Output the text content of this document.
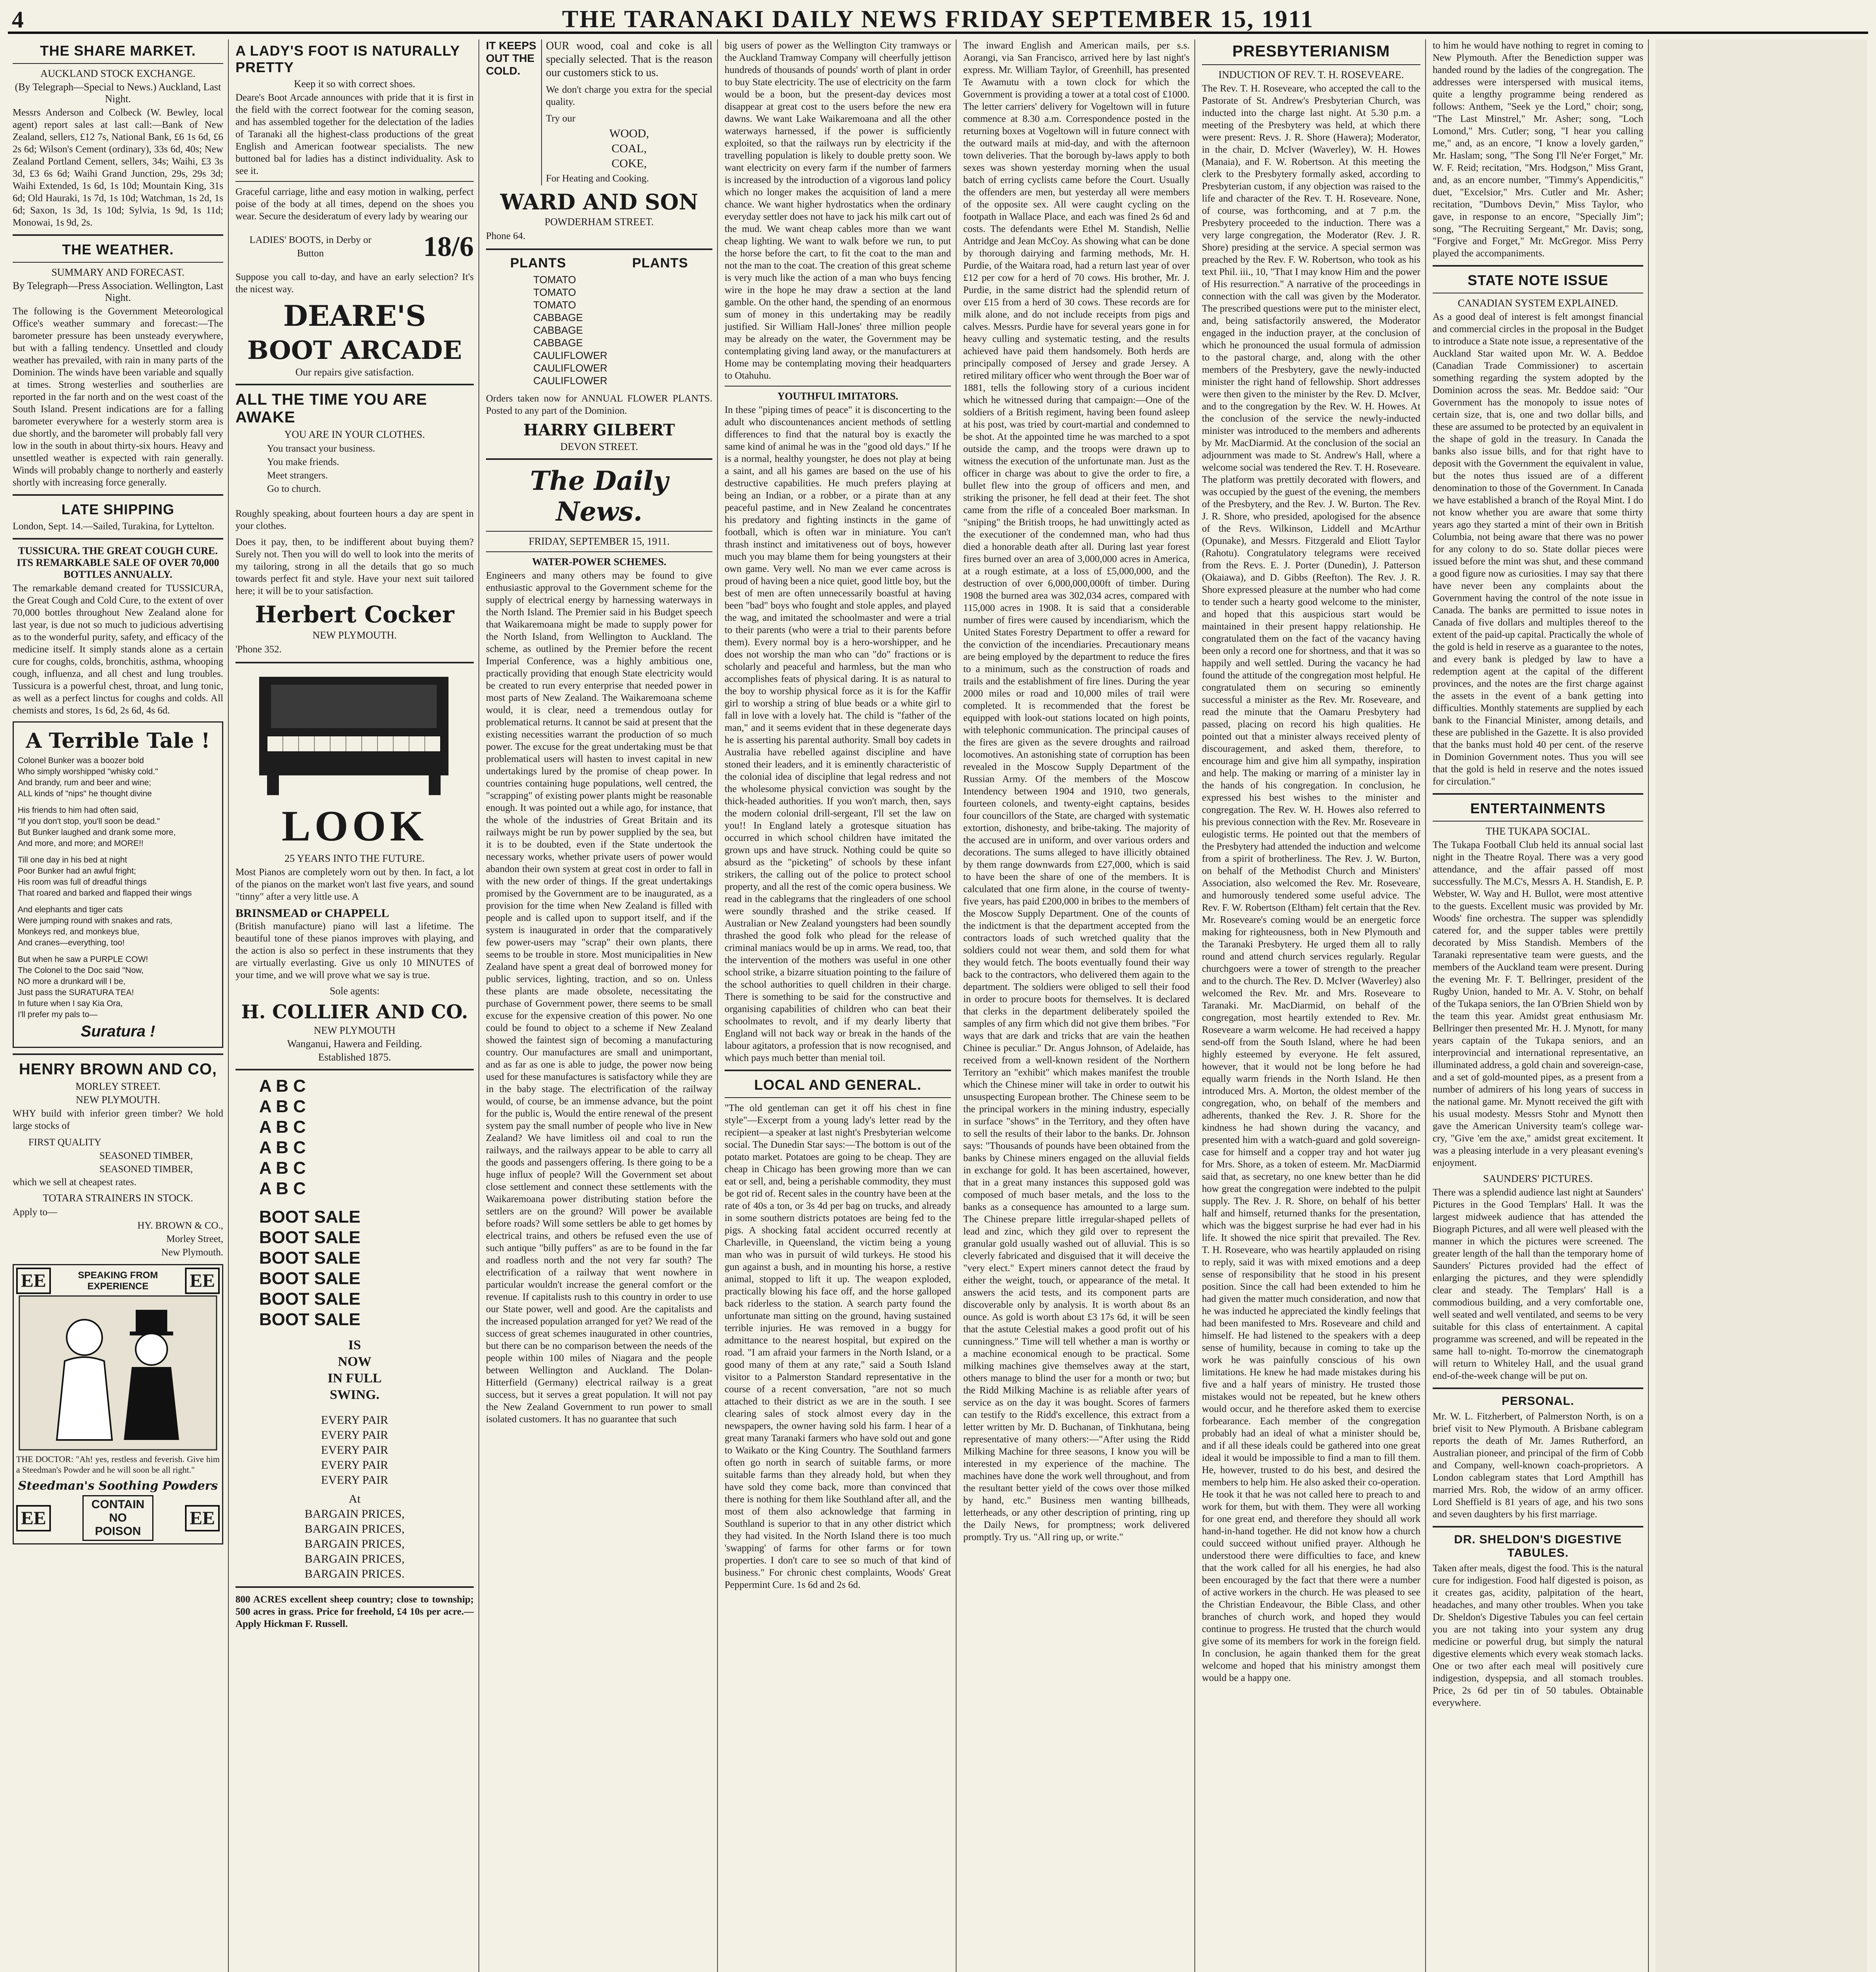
4	THE TARANAKI DAILY NEWS FRIDAY SEPTEMBER 15, 1911
THE SHARE MARKET.
AUCKLAND STOCK EXCHANGE.
(By Telegraph—Special to News.) Auckland, Last Night.

Messrs Anderson and Colbeck (W. Bewley, local agent) report sales at last call:—Bank of New Zealand, sellers, £12 7s, National Bank, £6 1s 6d, £6 2s 6d; Wilson's Cement (ordinary), 33s 6d, 40s; New Zealand Portland Cement, sellers, 34s; Waihi, £3 3s 3d, £3 6s 6d; Waihi Grand Junction, 29s, 29s 3d; Waihi Extended, 1s 6d, 1s 10d; Mountain King, 31s 6d; Old Hauraki, 1s 7d, 1s 10d; Watchman, 1s 2d, 1s 6d; Saxon, 1s 3d, 1s 10d; Sylvia, 1s 9d, 1s 11d; Monowai, 1s 9d, 2s.

THE WEATHER.
SUMMARY AND FORECAST.
By Telegraph—Press Association. Wellington, Last Night.

The following is the Government Meteorological Office's weather summary and forecast:—The barometer pressure has been unsteady everywhere, but with a falling tendency. Unsettled and cloudy weather has prevailed, with rain in many parts of the Dominion. The winds have been variable and squally at times. Strong westerlies and southerlies are reported in the far north and on the west coast of the South Island. Present indications are for a falling barometer everywhere for a westerly storm area is due shortly, and the barometer will probably fall very low in the south in about thirty-six hours. Heavy and unsettled weather is expected with rain generally. Winds will probably change to northerly and easterly shortly with increasing force generally.

LATE SHIPPING

London, Sept. 14.—Sailed, Turakina, for Lyttelton.

TUSSICURA. THE GREAT COUGH CURE. ITS REMARKABLE SALE OF OVER 70,000 BOTTLES ANNUALLY.

The remarkable demand created for TUSSICURA, the Great Cough and Cold Cure, to the extent of over 70,000 bottles throughout New Zealand alone for last year, is due not so much to judicious advertising as to the wonderful purity, safety, and efficacy of the medicine itself. It simply stands alone as a certain cure for coughs, colds, bronchitis, asthma, whooping cough, influenza, and all chest and lung troubles. Tussicura is a powerful chest, throat, and lung tonic, as well as a perfect linctus for coughs and colds. All chemists and stores, 1s 6d, 2s 6d, 4s 6d.

A Terrible Tale !
Colonel Bunker was a boozer bold
Who simply worshipped "whisky cold."
And brandy, rum and beer and wine;
ALL kinds of "nips" he thought divine
His friends to him had often said,
"If you don't stop, you'll soon be dead."
But Bunker laughed and drank some more,
And more, and more; and MORE!!
Till one day in his bed at night
Poor Bunker had an awful fright;
His room was full of dreadful things
That roared and barked and flapped their wings
And elephants and tiger cats
Were jumping round with snakes and rats,
Monkeys red, and monkeys blue,
And cranes—everything, too!
But when he saw a PURPLE COW!
The Colonel to the Doc said "Now,
NO more a drunkard will I be,
Just pass the SURATURA TEA!
In future when I say Kia Ora,
I'll prefer my pals to—
Suratura !
HENRY BROWN AND CO,
MORLEY STREET.
NEW PLYMOUTH.

WHY build with inferior green timber? We hold large stocks of

FIRST QUALITY
SEASONED TIMBER,
SEASONED TIMBER,

which we sell at cheapest rates.

TOTARA STRAINERS IN STOCK.
Apply to—
HY. BROWN & CO.,
Morley Street,
New Plymouth.
EE	SPEAKING FROM EXPERIENCE	EE

THE DOCTOR: "Ah! yes, restless and feverish. Give him a Steedman's Powder and he will soon be all right."

Steedman's Soothing Powders
EE
CONTAIN
NO
POISON
EE
A LADY'S FOOT IS NATURALLY PRETTY
Keep it so with correct shoes.

Deare's Boot Arcade announces with pride that it is first in the field with the correct footwear for the coming season, and has assembled together for the delectation of the ladies of Taranaki all the highest-class productions of the great English and American footwear specialists. The new buttoned bal for ladies has a distinct individuality. Ask to see it.

Graceful carriage, lithe and easy motion in walking, perfect poise of the body at all times, depend on the shoes you wear. Secure the desideratum of every lady by wearing our

LADIES' BOOTS, in Derby or Button	18/6

Suppose you call to-day, and have an early selection? It's the nicest way.

DEARE'S
BOOT ARCADE
Our repairs give satisfaction.
ALL THE TIME YOU ARE AWAKE
YOU ARE IN YOUR CLOTHES.
You transact your business.
You make friends.
Meet strangers.
Go to church.

Roughly speaking, about fourteen hours a day are spent in your clothes.

Does it pay, then, to be indifferent about buying them? Surely not. Then you will do well to look into the merits of my tailoring, strong in all the details that go so much towards perfect fit and style. Have your next suit tailored here; it will be to your satisfaction.

Herbert Cocker
NEW PLYMOUTH.
'Phone 352.
LOOK
25 YEARS INTO THE FUTURE.

Most Pianos are completely worn out by then. In fact, a lot of the pianos on the market won't last five years, and sound "tinny" after a very little use. A

BRINSMEAD or CHAPPELL

(British manufacture) piano will last a lifetime. The beautiful tone of these pianos improves with playing, and the action is also so perfect in these instruments that they are virtually everlasting. Give us only 10 MINUTES of your time, and we will prove what we say is true.

Sole agents:
H. COLLIER AND CO.
NEW PLYMOUTH
Wanganui, Hawera and Feilding.
Established 1875.
A B C
A B C
A B C
A B C
A B C
A B C
BOOT SALE
BOOT SALE
BOOT SALE
BOOT SALE
BOOT SALE
BOOT SALE
IS
NOW
IN FULL
SWING.
EVERY PAIR
EVERY PAIR
EVERY PAIR
EVERY PAIR
EVERY PAIR
At
BARGAIN PRICES,
BARGAIN PRICES,
BARGAIN PRICES,
BARGAIN PRICES,
BARGAIN PRICES.

800 ACRES excellent sheep country; close to township; 500 acres in grass. Price for freehold, £4 10s per acre.—Apply Hickman F. Russell.

IT KEEPS OUT THE COLD.

OUR wood, coal and coke is all specially selected. That is the reason our customers stick to us.

We don't charge you extra for the special quality.

Try our
WOOD,
COAL,
COKE,
For Heating and Cooking.
WARD AND SON
POWDERHAM STREET.
Phone 64.
PLANTS                PLANTS
TOMATO
TOMATO
TOMATO
CABBAGE
CABBAGE
CABBAGE
CAULIFLOWER
CAULIFLOWER
CAULIFLOWER

Orders taken now for ANNUAL FLOWER PLANTS. Posted to any part of the Dominion.

HARRY GILBERT
DEVON STREET.
The Daily News.
FRIDAY, SEPTEMBER 15, 1911.
WATER-POWER SCHEMES.

Engineers and many others may be found to give enthusiastic approval to the Government scheme for the supply of electrical energy by harnessing waterways in the North Island. The Premier said in his Budget speech that Waikaremoana might be made to supply power for the North Island, from Wellington to Auckland. The scheme, as outlined by the Premier before the recent Imperial Conference, was a highly ambitious one, practically providing that enough State electricity would be created to run every enterprise that needed power in most parts of New Zealand. The Waikaremoana scheme would, it is clear, need a tremendous outlay for problematical returns. It cannot be said at present that the existing necessities warrant the production of so much power. The excuse for the great undertaking must be that problematical users will hasten to invest capital in new undertakings lured by the promise of cheap power. In countries containing huge populations, well centred, the "scrapping" of existing power plants might be reasonable enough. It was pointed out a while ago, for instance, that the whole of the industries of Great Britain and its railways might be run by power supplied by the sea, but it is to be doubted, even if the State undertook the necessary works, whether private users of power would abandon their own system at great cost in order to fall in with the new order of things. If the great undertakings promised by the Government are to be inaugurated, as a provision for the time when New Zealand is filled with people and is called upon to support itself, and if the system is inaugurated in order that the comparatively few power-users may "scrap" their own plants, there seems to be trouble in store. Most municipalities in New Zealand have spent a great deal of borrowed money for public services, lighting, traction, and so on. Unless these plants are made obsolete, necessitating the purchase of Government power, there seems to be small excuse for the expensive creation of this power. No one could be found to object to a scheme if New Zealand showed the faintest sign of becoming a manufacturing country. Our manufactures are small and unimportant, and as far as one is able to judge, the power now being used for these manufactures is satisfactory while they are in the baby stage. The electrification of the railway would, of course, be an immense advance, but the point for the public is, Would the entire renewal of the present system pay the small number of people who live in New Zealand? We have limitless oil and coal to run the railways, and the railways appear to be able to carry all the goods and passengers offering. Is there going to be a huge influx of people? Will the Government set about close settlement and connect these settlements with the Waikaremoana power distributing station before the settlers are on the ground? Will power be available before roads? Will some settlers be able to get homes by electrical trains, and others be refused even the use of such antique "billy puffers" as are to be found in the far and roadless north and the not very far south? The electrification of a railway that went nowhere in particular wouldn't increase the general comfort or the revenue. If capitalists rush to this country in order to use our State power, well and good. Are the capitalists and the increased population arranged for yet? We read of the success of great schemes inaugurated in other countries, but there can be no comparison between the needs of the people within 100 miles of Niagara and the people between Wellington and Auckland. The Dolan-Hitterfield (Germany) electrical railway is a great success, but it serves a great population. It will not pay the New Zealand Government to run power to small isolated customers. It has no guarantee that such

big users of power as the Wellington City tramways or the Auckland Tramway Company will cheerfully jettison hundreds of thousands of pounds' worth of plant in order to buy State electricity. The use of electricity on the farm would be a boon, but the present-day devices most disappear at great cost to the users before the new era dawns. We want Lake Waikaremoana and all the other waterways harnessed, if the power is sufficiently exploited, so that the railways run by electricity if the travelling population is likely to double pretty soon. We want electricity on every farm if the number of farmers is increased by the introduction of a vigorous land policy which no longer makes the acquisition of land a mere chance. We want higher hydrostatics when the ordinary everyday settler does not have to jack his milk cart out of the mud. We want cheap cables more than we want cheap lighting. We want to walk before we run, to put the horse before the cart, to fit the coat to the man and not the man to the coat. The creation of this great scheme is very much like the action of a man who buys fencing wire in the hope he may draw a section at the land gamble. On the other hand, the spending of an enormous sum of money in this undertaking may be readily justified. Sir William Hall-Jones' three million people may be already on the water, the Government may be contemplating giving land away, or the manufacturers at Home may be contemplating moving their headquarters to Otahuhu.

YOUTHFUL IMITATORS.

In these "piping times of peace" it is disconcerting to the adult who discountenances ancient methods of settling differences to find that the natural boy is exactly the same kind of animal he was in the "good old days." If he is a normal, healthy youngster, he does not play at being a saint, and all his games are based on the use of his destructive capabilities. He much prefers playing at being an Indian, or a robber, or a pirate than at any peaceful pastime, and in New Zealand he concentrates his predatory and fighting instincts in the game of football, which is often war in miniature. You can't thrash instinct and imitativeness out of boys, however much you may blame them for being youngsters at their own game. Very well. No man we ever came across is proud of having been a nice quiet, good little boy, but the best of men are often unnecessarily boastful at having been "bad" boys who fought and stole apples, and played the wag, and imitated the schoolmaster and were a trial to their parents (who were a trial to their parents before them). Every normal boy is a hero-worshipper, and he does not worship the man who can "do" fractions or is scholarly and peaceful and harmless, but the man who accomplishes feats of physical daring. It is as natural to the boy to worship physical force as it is for the Kaffir girl to worship a string of blue beads or a white girl to fall in love with a lovely hat. The child is "father of the man," and it seems evident that in these degenerate days he is asserting his parental authority. Small boy cadets in Australia have rebelled against discipline and have stoned their leaders, and it is eminently characteristic of the colonial idea of discipline that legal redress and not the wholesome physical conviction was sought by the thick-headed authorities. If you won't march, then, says the modern colonial drill-sergeant, I'll set the law on you!! In England lately a grotesque situation has occurred in which school children have imitated the grown ups and have struck. Nothing could be quite so absurd as the "picketing" of schools by these infant strikers, the calling out of the police to protect school property, and all the rest of the comic opera business. We read in the cablegrams that the ringleaders of one school were soundly thrashed and the strike ceased. If Australian or New Zealand youngsters had been soundly thrashed the good folk who plead for the release of criminal maniacs would be up in arms. We read, too, that the intervention of the mothers was useful in one other school strike, a bizarre situation pointing to the failure of the school authorities to quell children in their charge. There is something to be said for the constructive and organising capabilities of children who can beat their schoolmates to revolt, and if my dearly liberty that England will not back way or break in the hands of the labour agitators, a profession that is now recognised, and which pays much better than menial toil.

LOCAL AND GENERAL.

"The old gentleman can get it off his chest in fine style"—Excerpt from a young lady's letter read by the recipient—a speaker at last night's Presbyterian welcome social. The Dunedin Star says:—The bottom is out of the potato market. Potatoes are going to be cheap. They are cheap in Chicago has been growing more than we can eat or sell, and, being a perishable commodity, they must be got rid of. Recent sales in the country have been at the rate of 40s a ton, or 3s 4d per bag on trucks, and already in some southern districts potatoes are being fed to the pigs. A shocking fatal accident occurred recently at Charleville, in Queensland, the victim being a young man who was in pursuit of wild turkeys. He stood his gun against a bush, and in mounting his horse, a restive animal, stopped to lift it up. The weapon exploded, practically blowing his face off, and the horse galloped back riderless to the station. A search party found the unfortunate man sitting on the ground, having sustained terrible injuries. He was removed in a buggy for admittance to the nearest hospital, but expired on the road. "I am afraid your farmers in the North Island, or a good many of them at any rate," said a South Island visitor to a Palmerston Standard representative in the course of a recent conversation, "are not so much attached to their district as we are in the south. I see clearing sales of stock almost every day in the newspapers, the owner having sold his farm. I hear of a great many Taranaki farmers who have sold out and gone to Waikato or the King Country. The Southland farmers often go north in search of suitable farms, or more suitable farms than they already hold, but when they have sold they come back, more than convinced that there is nothing for them like Southland after all, and the most of them also acknowledge that farming in Southland is superior to that in any other district which they had visited. In the North Island there is too much 'swapping' of farms for other farms or for town properties. I don't care to see so much of that kind of business." For chronic chest complaints, Woods' Great Peppermint Cure. 1s 6d and 2s 6d.

The inward English and American mails, per s.s. Aorangi, via San Francisco, arrived here by last night's express. Mr. William Taylor, of Greenhill, has presented Te Awamutu with a town clock for which the Government is providing a tower at a total cost of £1000. The letter carriers' delivery for Vogeltown will in future commence at 8.30 a.m. Correspondence posted in the returning boxes at Vogeltown will in future connect with the outward mails at mid-day, and with the afternoon town deliveries. That the borough by-laws apply to both sexes was shown yesterday morning when the usual batch of erring cyclists came before the Court. Usually the offenders are men, but yesterday all were members of the opposite sex. All were caught cycling on the footpath in Wallace Place, and each was fined 2s 6d and costs. The defendants were Ethel M. Standish, Nellie Antridge and Jean McCoy. As showing what can be done by thorough dairying and farming methods, Mr. H. Purdie, of the Waitara road, had a return last year of over £12 per cow for a herd of 70 cows. His brother, Mr. J. Purdie, in the same district had the splendid return of over £15 from a herd of 30 cows. These records are for milk alone, and do not include receipts from pigs and calves. Messrs. Purdie have for several years gone in for heavy culling and systematic testing, and the results achieved have paid them handsomely. Both herds are principally composed of Jersey and grade Jersey. A retired military officer who went through the Boer war of 1881, tells the following story of a curious incident which he witnessed during that campaign:—One of the soldiers of a British regiment, having been found asleep at his post, was tried by court-martial and condemned to be shot. At the appointed time he was marched to a spot outside the camp, and the troops were drawn up to witness the execution of the unfortunate man. Just as the officer in charge was about to give the order to fire, a bullet flew into the group of officers and men, and striking the prisoner, he fell dead at their feet. The shot came from the rifle of a concealed Boer marksman. In "sniping" the British troops, he had unwittingly acted as the executioner of the condemned man, who had thus died a honorable death after all. During last year forest fires burned over an area of 3,000,000 acres in America, at a rough estimate, at a loss of £5,000,000, and the destruction of over 6,000,000,000ft of timber. During 1908 the burned area was 302,034 acres, compared with 115,000 acres in 1908. It is said that a considerable number of fires were caused by incendiarism, which the United States Forestry Department to offer a reward for the conviction of the incendiaries. Precautionary means are being employed by the department to reduce the fires to a minimum, such as the construction of roads and trails and the establishment of fire lines. During the year 2000 miles or road and 10,000 miles of trail were completed. It is recommended that the forest be equipped with look-out stations located on high points, with telephonic communication. The principal causes of the fires are given as the severe droughts and railroad locomotives. An astonishing state of corruption has been revealed in the Moscow Supply Department of the Russian Army. Of the members of the Moscow Intendency between 1904 and 1910, two generals, fourteen colonels, and twenty-eight captains, besides four councillors of the State, are charged with systematic extortion, dishonesty, and bribe-taking. The majority of the accused are in uniform, and over various orders and decorations. The sums alleged to have illicitly obtained by them range downwards from £27,000, which is said to have been the share of one of the members. It is calculated that one firm alone, in the course of twenty-five years, has paid £200,000 in bribes to the members of the Moscow Supply Department. One of the counts of the indictment is that the department accepted from the contractors loads of such wretched quality that the soldiers could not wear them, and sold them for what they would fetch. The boots eventually found their way back to the contractors, who delivered them again to the department. The soldiers were obliged to sell their food in order to procure boots for themselves. It is declared that clerks in the department deliberately spoiled the samples of any firm which did not give them bribes. "For ways that are dark and tricks that are vain the heathen Chinee is peculiar." Dr. Angus Johnson, of Adelaide, has received from a well-known resident of the Northern Territory an "exhibit" which makes manifest the trouble which the Chinese miner will take in order to outwit his unsuspecting European brother. The Chinese seem to be the principal workers in the mining industry, especially in surface "shows" in the Territory, and they often have to sell the results of their labor to the banks. Dr. Johnson says: "Thousands of pounds have been obtained from the banks by Chinese miners engaged on the alluvial fields in exchange for gold. It has been ascertained, however, that in a great many instances this supposed gold was composed of much baser metals, and the loss to the banks as a consequence has amounted to a large sum. The Chinese prepare little irregular-shaped pellets of lead and zinc, which they gild over to represent the granular gold usually washed out of alluvial. This is so cleverly fabricated and disguised that it will deceive the "very elect." Expert miners cannot detect the fraud by either the weight, touch, or appearance of the metal. It answers the acid tests, and its component parts are discoverable only by analysis. It is worth about 8s an ounce. As gold is worth about £3 17s 6d, it will be seen that the astute Celestial makes a good profit out of his cunningness." Time will tell whether a man is worthy or a machine economical enough to be practical. Some milking machines give themselves away at the start, others manage to blind the user for a month or two; but the Ridd Milking Machine is as reliable after years of service as on the day it was bought. Scores of farmers can testify to the Ridd's excellence, this extract from a letter written by Mr. D. Buchanan, of Tinkhutana, being representative of many others:—"After using the Ridd Milking Machine for three seasons, I know you will be interested in my experience of the machine. The machines have done the work well throughout, and from the resultant better yield of the cows over those milked by hand, etc." Business men wanting billheads, letterheads, or any other description of printing, ring up the Daily News, for promptness; work delivered promptly. Try us. "All ring up, or write."

PRESBYTERIANISM
INDUCTION OF REV. T. H. ROSEVEARE.

The Rev. T. H. Roseveare, who accepted the call to the Pastorate of St. Andrew's Presbyterian Church, was inducted into the charge last night. At 5.30 p.m. a meeting of the Presbytery was held, at which there were present: Revs. J. R. Shore (Hawera); Moderator, in the chair, D. McIver (Waverley), W. H. Howes (Manaia), and F. W. Robertson. At this meeting the clerk to the Presbytery formally asked, according to Presbyterian custom, if any objection was raised to the life and character of the Rev. T. H. Roseveare. None, of course, was forthcoming, and at 7 p.m. the Presbytery proceeded to the induction. There was a very large congregation, the Moderator (Rev. J. R. Shore) presiding at the service. A special sermon was preached by the Rev. F. W. Robertson, who took as his text Phil. iii., 10, "That I may know Him and the power of His resurrection." A narrative of the proceedings in connection with the call was given by the Moderator. The prescribed questions were put to the minister elect, and, being satisfactorily answered, the Moderator engaged in the induction prayer, at the conclusion of which he pronounced the usual formula of admission to the pastoral charge, and, along with the other members of the Presbytery, gave the newly-inducted minister the right hand of fellowship. Short addresses were then given to the minister by the Rev. D. McIver, and to the congregation by the Rev. W. H. Howes. At the conclusion of the service the newly-inducted minister was introduced to the members and adherents by Mr. MacDiarmid. At the conclusion of the social an adjournment was made to St. Andrew's Hall, where a welcome social was tendered the Rev. T. H. Roseveare. The platform was prettily decorated with flowers, and was occupied by the guest of the evening, the members of the Presbytery, and the Rev. J. W. Burton. The Rev. J. R. Shore, who presided, apologised for the absence of the Revs. Wilkinson, Liddell and McArthur (Opunake), and Messrs. Fitzgerald and Eliott Taylor (Rahotu). Congratulatory telegrams were received from the Revs. E. J. Porter (Dunedin), J. Patterson (Okaiawa), and D. Gibbs (Reefton). The Rev. J. R. Shore expressed pleasure at the number who had come to tender such a hearty good welcome to the minister, and hoped that this auspicious start would be maintained in their present happy relationship. He congratulated them on the fact of the vacancy having been only a record one for shortness, and that it was so happily and well settled. During the vacancy he had found the attitude of the congregation most helpful. He congratulated them on securing so eminently successful a minister as the Rev. Mr. Roseveare, and read the minute that the Oamaru Presbytery had passed, placing on record his high qualities. He pointed out that a minister always received plenty of discouragement, and asked them, therefore, to encourage him and give him all sympathy, inspiration and help. The making or marring of a minister lay in the hands of his congregation. In conclusion, he expressed his best wishes to the minister and congregation. The Rev. W. H. Howes also referred to his previous connection with the Rev. Mr. Roseveare in eulogistic terms. He pointed out that the members of the Presbytery had attended the induction and welcome from a spirit of brotherliness. The Rev. J. W. Burton, on behalf of the Methodist Church and Ministers' Association, also welcomed the Rev. Mr. Roseveare, and humorously tendered some useful advice. The Rev. F. W. Robertson (Eltham) felt certain that the Rev. Mr. Roseveare's coming would be an energetic force making for righteousness, both in New Plymouth and the Taranaki Presbytery. He urged them all to rally round and attend church services regularly. Regular churchgoers were a tower of strength to the preacher and to the church. The Rev. D. McIver (Waverley) also welcomed the Rev. Mr. and Mrs. Roseveare to Taranaki. Mr. MacDiarmid, on behalf of the congregation, most heartily extended to Rev. Mr. Roseveare a warm welcome. He had received a happy send-off from the South Island, where he had been highly esteemed by everyone. He felt assured, however, that it would not be long before he had equally warm friends in the North Island. He then introduced Mrs. A. Morton, the oldest member of the congregation, who, on behalf of the members and adherents, thanked the Rev. J. R. Shore for the kindness he had shown during the vacancy, and presented him with a watch-guard and gold sovereign-case for himself and a copper tray and hot water jug for Mrs. Shore, as a token of esteem. Mr. MacDiarmid said that, as secretary, no one knew better than he did how great the congregation were indebted to the pulpit supply. The Rev. J. R. Shore, on behalf of his better half and himself, returned thanks for the presentation, which was the biggest surprise he had ever had in his life. It showed the nice spirit that prevailed. The Rev. T. H. Roseveare, who was heartily applauded on rising to reply, said it was with mixed emotions and a deep sense of responsibility that he stood in his present position. Since the call had been extended to him he had given the matter much consideration, and now that he was inducted he appreciated the kindly feelings that had been manifested to Mrs. Roseveare and child and himself. He had listened to the speakers with a deep sense of humility, because in coming to take up the work he was painfully conscious of his own limitations. He knew he had made mistakes during his five and a half years of ministry. He trusted those mistakes would not be repeated, but he knew others would occur, and he therefore asked them to exercise forbearance. Each member of the congregation probably had an ideal of what a minister should be, and if all these ideals could be gathered into one great ideal it would be impossible to find a man to fill them. He, however, trusted to do his best, and desired the members to help him. He also asked their co-operation. He took it that he was not called here to preach to and work for them, but with them. They were all working for one great end, and therefore they should all work hand-in-hand together. He did not know how a church could succeed without unified prayer. Although he understood there were difficulties to face, and knew that the work called for all his energies, he had also been encouraged by the fact that there were a number of active workers in the church. He was pleased to see the Christian Endeavour, the Bible Class, and other branches of church work, and hoped they would continue to progress. He trusted that the church would give some of its members for work in the foreign field. In conclusion, he again thanked them for the great welcome and hoped that his ministry amongst them would be a happy one.

to him he would have nothing to regret in coming to New Plymouth. After the Benediction supper was handed round by the ladies of the congregation. The addresses were interspersed with musical items, quite a lengthy programme being rendered as follows: Anthem, "Seek ye the Lord," choir; song, "The Last Minstrel," Mr. Asher; song, "Loch Lomond," Mrs. Cutler; song, "I hear you calling me," and, as an encore, "I know a lovely garden," Mr. Haslam; song, "The Song I'll Ne'er Forget," Mr. W. F. Reid; recitation, "Mrs. Hodgson," Miss Grant, and, as an encore number, "Timmy's Appendicitis," duet, "Excelsior," Mrs. Cutler and Mr. Asher; recitation, "Dumbovs Devin," Miss Taylor, who gave, in response to an encore, "Specially Jim"; song, "The Recruiting Sergeant," Mr. Davis; song, "Forgive and Forget," Mr. McGregor. Miss Perry played the accompaniments.

STATE NOTE ISSUE
CANADIAN SYSTEM EXPLAINED.

As a good deal of interest is felt amongst financial and commercial circles in the proposal in the Budget to introduce a State note issue, a representative of the Auckland Star waited upon Mr. W. A. Beddoe (Canadian Trade Commissioner) to ascertain something regarding the system adopted by the Dominion across the seas. Mr. Beddoe said: "Our Government has the monopoly to issue notes of certain size, that is, one and two dollar bills, and these are assumed to be protected by an equivalent in the shape of gold in the treasury. In Canada the banks also issue bills, and for that right have to deposit with the Government the equivalent in value, but the notes thus issued are of a different denomination to those of the Government. In Canada we have established a branch of the Royal Mint. I do not know whether you are aware that some thirty years ago they started a mint of their own in British Columbia, not being aware that there was no power for any colony to do so. State dollar pieces were issued before the mint was shut, and these command a good figure now as curiosities. I may say that there have never been any complaints about the Government having the control of the note issue in Canada. The banks are permitted to issue notes in Canada of five dollars and multiples thereof to the extent of the paid-up capital. Practically the whole of the gold is held in reserve as a guarantee to the notes, and every bank is pledged by law to have a redemption agent at the capital of the different provinces, and the notes are the first charge against the assets in the event of a bank getting into difficulties. Monthly statements are supplied by each bank to the Financial Minister, among details, and these are published in the Gazette. It is also provided that the banks must hold 40 per cent. of the reserve in Dominion Government notes. Thus you will see that the gold is held in reserve and the notes issued for circulation."

ENTERTAINMENTS
THE TUKAPA SOCIAL.

The Tukapa Football Club held its annual social last night in the Theatre Royal. There was a very good attendance, and the affair passed off most successfully. The M.C's, Messrs A. H. Standish, E. P. Webster, W. Way and H. Bullot, were most attentive to the guests. Excellent music was provided by Mr. Woods' fine orchestra. The supper was splendidly catered for, and the supper tables were prettily decorated by Miss Standish. Members of the Taranaki representative team were guests, and the members of the Auckland team were present. During the evening Mr. F. T. Bellringer, president of the Rugby Union, handed to Mr. A. V. Stohr, on behalf of the Tukapa seniors, the Ian O'Brien Shield won by the team this year. Amidst great enthusiasm Mr. Bellringer then presented Mr. H. J. Mynott, for many years captain of the Tukapa seniors, and an interprovincial and international representative, an illuminated address, a gold chain and sovereign-case, and a set of gold-mounted pipes, as a present from a number of admirers of his long years of success in the national game. Mr. Mynott received the gift with his usual modesty. Messrs Stohr and Mynott then gave the American University team's college war-cry, "Give 'em the axe," amidst great excitement. It was a pleasing interlude in a very pleasant evening's enjoyment.

SAUNDERS' PICTURES.

There was a splendid audience last night at Saunders' Pictures in the Good Templars' Hall. It was the largest midweek audience that has attended the Biograph Pictures, and all were well pleased with the manner in which the pictures were screened. The greater length of the hall than the temporary home of Saunders' Pictures provided had the effect of enlarging the pictures, and they were splendidly clear and steady. The Templars' Hall is a commodious building, and a very comfortable one, well seated and well ventilated, and seems to be very suitable for this class of entertainment. A capital programme was screened, and will be repeated in the same hall to-night. To-morrow the cinematograph will return to Whiteley Hall, and the usual grand end-of-the-week change will be put on.

PERSONAL.

Mr. W. L. Fitzherbert, of Palmerston North, is on a brief visit to New Plymouth. A Brisbane cablegram reports the death of Mr. James Rutherford, an Australian pioneer, and principal of the firm of Cobb and Company, well-known coach-proprietors. A London cablegram states that Lord Ampthill has married Mrs. Rob, the widow of an army officer. Lord Sheffield is 81 years of age, and his two sons and seven daughters by his first marriage.

DR. SHELDON'S DIGESTIVE TABULES.

Taken after meals, digest the food. This is the natural cure for indigestion. Food half digested is poison, as it creates gas, acidity, palpitation of the heart, headaches, and many other troubles. When you take Dr. Sheldon's Digestive Tabules you can feel certain you are not taking into your system any drug medicine or powerful drug, but simply the natural digestive elements which every weak stomach lacks. One or two after each meal will positively cure indigestion, dyspepsia, and all stomach troubles. Price, 2s 6d per tin of 50 tabules. Obtainable everywhere.
